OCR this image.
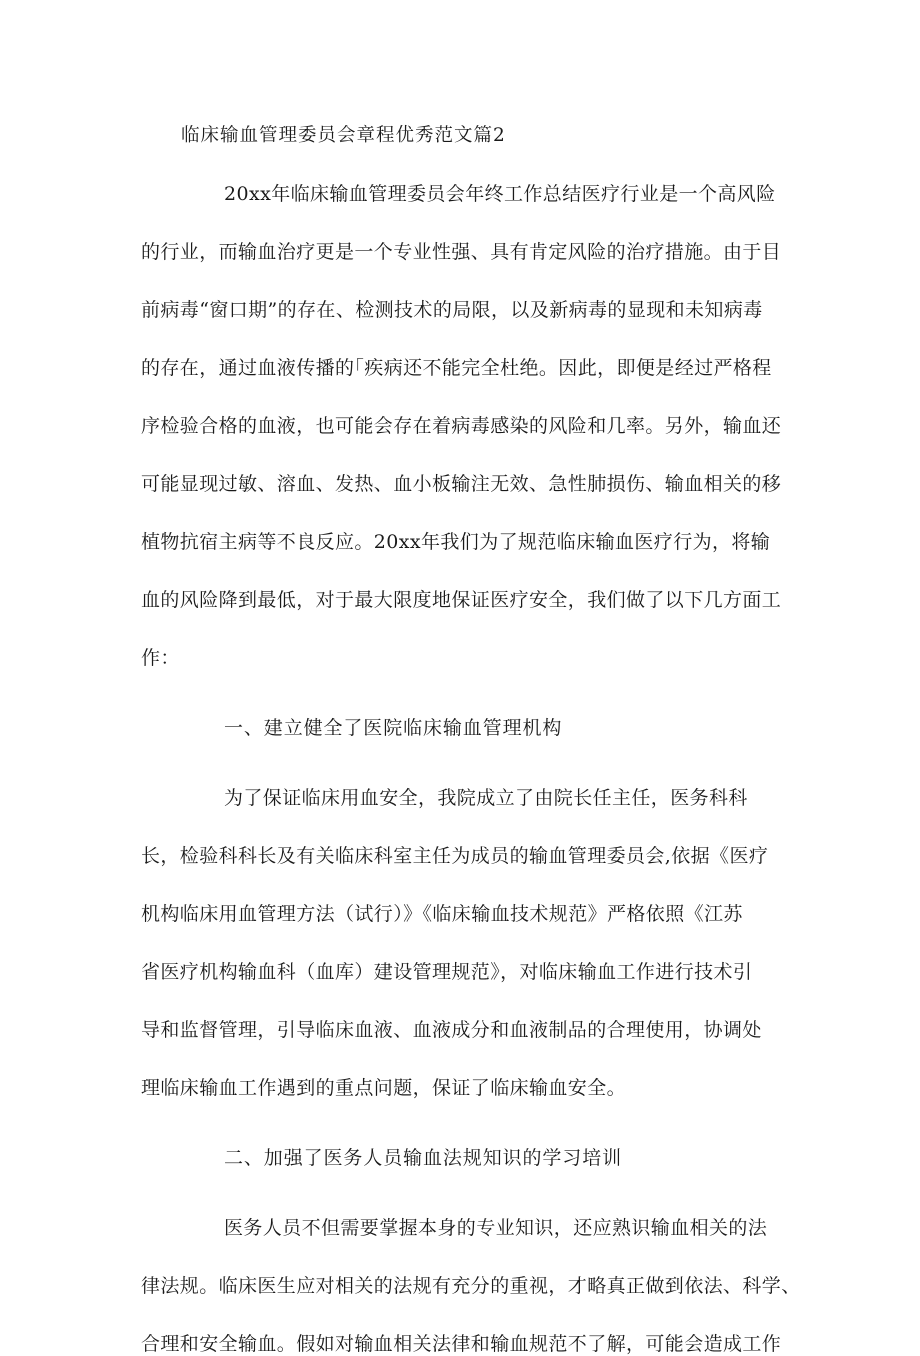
临床输血管理委员会章程优秀范文篇2

20xx年临床输血管理委员会年终工作总结医疗行业是一个高风险

的行业，而输血治疗更是一个专业性强、具有肯定风险的治疗措施。由于目

前病毒“窗口期”的存在、检测技术的局限，以及新病毒的显现和未知病毒

的存在，通过血液传播的｢疾病还不能完全杜绝。因此，即便是经过严格程

序检验合格的血液，也可能会存在着病毒感染的风险和几率。另外，输血还

可能显现过敏、溶血、发热、血小板输注无效、急性肺损伤、输血相关的移

植物抗宿主病等不良反应。20xx年我们为了规范临床输血医疗行为，将输

血的风险降到最低，对于最大限度地保证医疗安全，我们做了以下几方面工

作：

一、建立健全了医院临床输血管理机构

为了保证临床用血安全，我院成立了由院长任主任，医务科科

长，检验科科长及有关临床科室主任为成员的输血管理委员会,依据《医疗

机构临床用血管理方法（试行）》《临床输血技术规范》严格依照《江苏

省医疗机构输血科（血库）建设管理规范》，对临床输血工作进行技术引

导和监督管理，引导临床血液、血液成分和血液制品的合理使用，协调处

理临床输血工作遇到的重点问题，保证了临床输血安全。

二、加强了医务人员输血法规知识的学习培训

医务人员不但需要掌握本身的专业知识，还应熟识输血相关的法

律法规。临床医生应对相关的法规有充分的重视，才略真正做到依法、科学、

合理和安全输血。假如对输血相关法律和输血规范不了解，可能会造成工作
